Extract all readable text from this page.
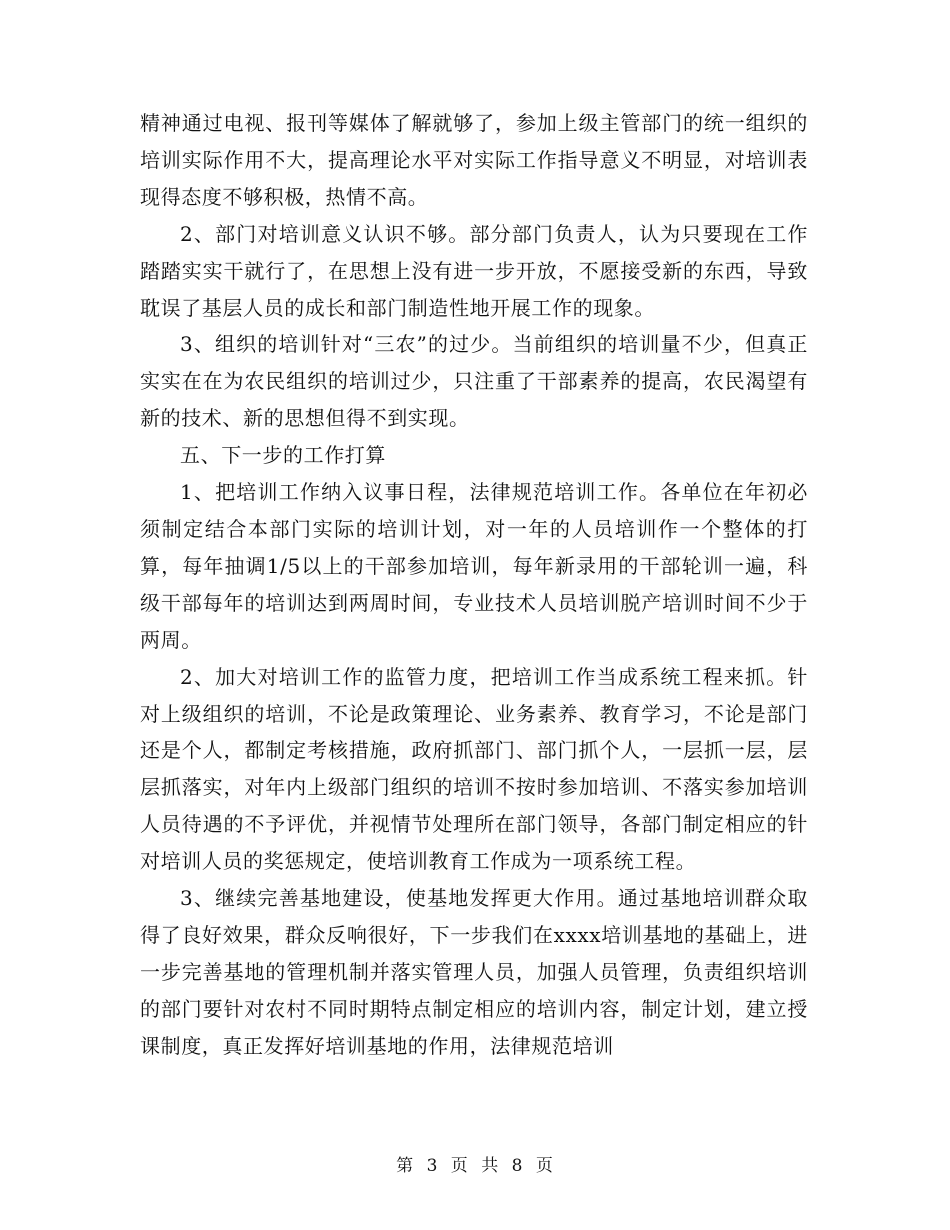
精神通过电视、报刊等媒体了解就够了，参加上级主管部门的统一组织的培训实际作用不大，提高理论水平对实际工作指导意义不明显，对培训表现得态度不够积极，热情不高。

2、部门对培训意义认识不够。部分部门负责人，认为只要现在工作踏踏实实干就行了，在思想上没有进一步开放，不愿接受新的东西，导致耽误了基层人员的成长和部门制造性地开展工作的现象。

3、组织的培训针对“三农”的过少。当前组织的培训量不少，但真正实实在在为农民组织的培训过少，只注重了干部素养的提高，农民渴望有新的技术、新的思想但得不到实现。

五、下一步的工作打算

1、把培训工作纳入议事日程，法律规范培训工作。各单位在年初必须制定结合本部门实际的培训计划，对一年的人员培训作一个整体的打算，每年抽调1/5以上的干部参加培训，每年新录用的干部轮训一遍，科级干部每年的培训达到两周时间，专业技术人员培训脱产培训时间不少于两周。

2、加大对培训工作的监管力度，把培训工作当成系统工程来抓。针对上级组织的培训，不论是政策理论、业务素养、教育学习，不论是部门还是个人，都制定考核措施，政府抓部门、部门抓个人，一层抓一层，层层抓落实，对年内上级部门组织的培训不按时参加培训、不落实参加培训人员待遇的不予评优，并视情节处理所在部门领导，各部门制定相应的针对培训人员的奖惩规定，使培训教育工作成为一项系统工程。

3、继续完善基地建设，使基地发挥更大作用。通过基地培训群众取得了良好效果，群众反响很好，下一步我们在xxxx培训基地的基础上，进一步完善基地的管理机制并落实管理人员，加强人员管理，负责组织培训的部门要针对农村不同时期特点制定相应的培训内容，制定计划，建立授课制度，真正发挥好培训基地的作用，法律规范培训

第 3 页 共 8 页
